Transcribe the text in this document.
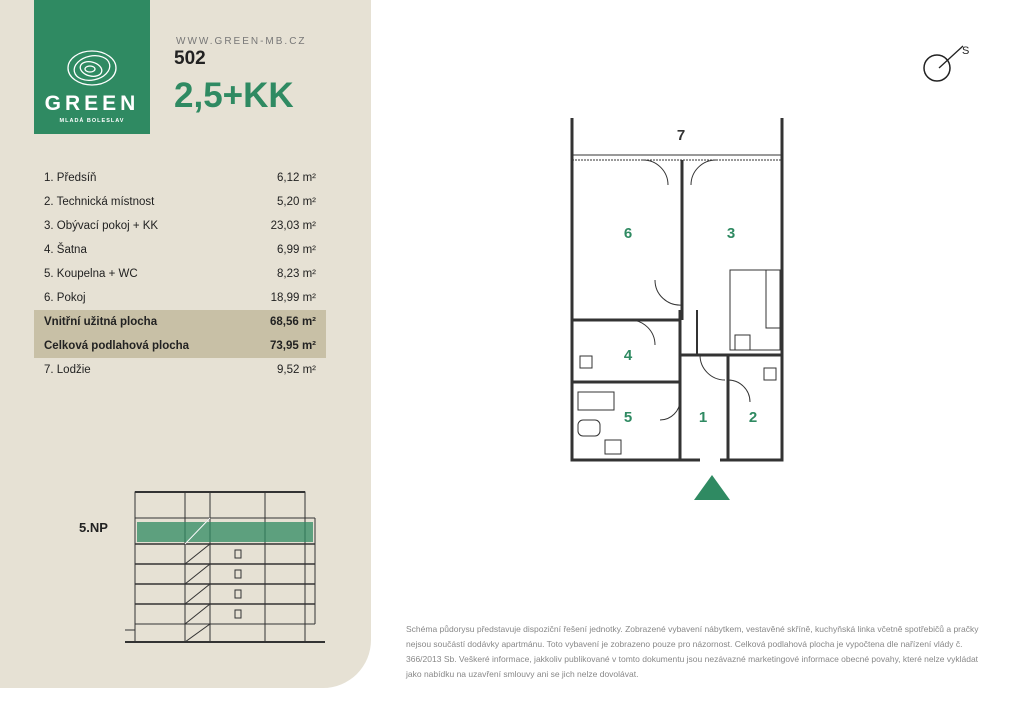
GREEN
MLADÁ BOLESLAV
WWW.GREEN-MB.CZ
502
2,5+KK
1. Předsíň	6,12 m²
2. Technická místnost	5,20 m²
3. Obývací pokoj + KK	23,03 m²
4. Šatna	6,99 m²
5. Koupelna + WC	8,23 m²
6. Pokoj	18,99 m²
Vnitřní užitná plocha	68,56 m²
Celková podlahová plocha	73,95 m²
7. Lodžie	9,52 m²
5.NP
1	2
3
4
5
6
7
S
Schéma půdorysu představuje dispoziční řešení jednotky. Zobrazené vybavení nábytkem, vestavěné skříně, kuchyňská linka včetně spotřebičů a pračky nejsou součástí dodávky apartmánu. Toto vybavení je zobrazeno pouze pro názornost. Celková podlahová plocha je vypočtena dle nařízení vlády č. 366/2013 Sb. Veškeré informace, jakkoliv publikované v tomto dokumentu jsou nezávazné marketingové informace obecné povahy, které nelze vykládat jako nabídku na uzavření smlouvy ani se jich nelze dovolávat.
